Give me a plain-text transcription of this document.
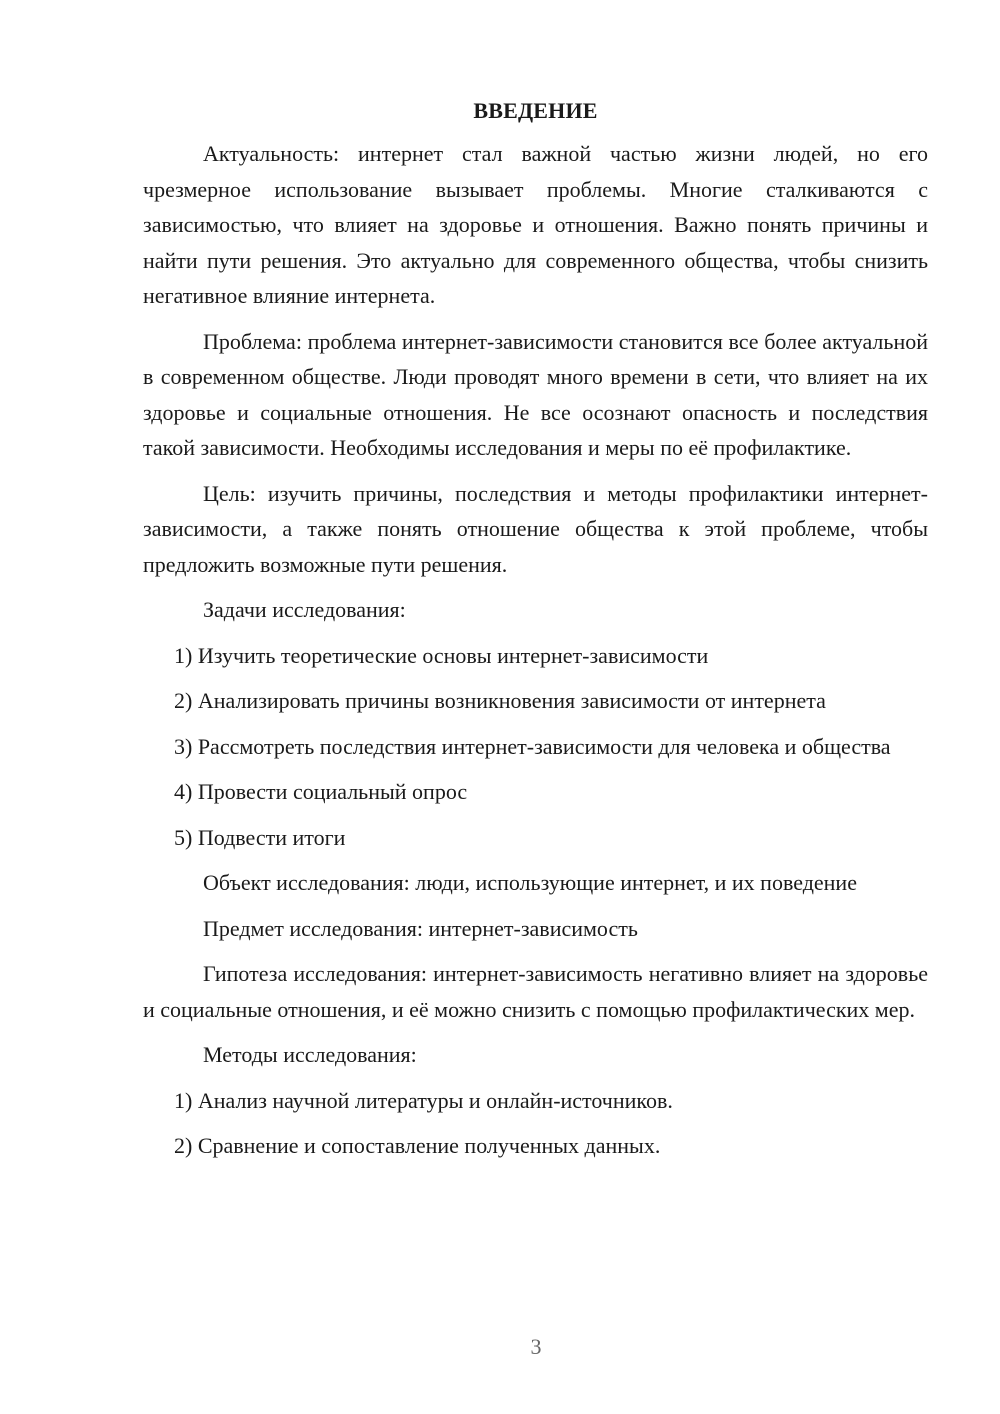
ВВЕДЕНИЕ

Актуальность: интернет стал важной частью жизни людей, но его чрезмерное использование вызывает проблемы. Многие сталкиваются с зависимостью, что влияет на здоровье и отношения. Важно понять причины и найти пути решения. Это актуально для современного общества, чтобы снизить негативное влияние интернета.

Проблема: проблема интернет-зависимости становится все более актуальной в современном обществе. Люди проводят много времени в сети, что влияет на их здоровье и социальные отношения. Не все осознают опасность и последствия такой зависимости. Необходимы исследования и меры по её профилактике.

Цель: изучить причины, последствия и методы профилактики интернет-зависимости, а также понять отношение общества к этой проблеме, чтобы предложить возможные пути решения.

Задачи исследования:

1) Изучить теоретические основы интернет-зависимости

2) Анализировать причины возникновения зависимости от интернета

3) Рассмотреть последствия интернет-зависимости для человека и общества

4) Провести социальный опрос

5) Подвести итоги

Объект исследования: люди, использующие интернет, и их поведение

Предмет исследования: интернет-зависимость

Гипотеза исследования: интернет-зависимость негативно влияет на здоровье и социальные отношения, и её можно снизить с помощью профилактических мер.

Методы исследования:

1) Анализ научной литературы и онлайн-источников.

2) Сравнение и сопоставление полученных данных.

3
